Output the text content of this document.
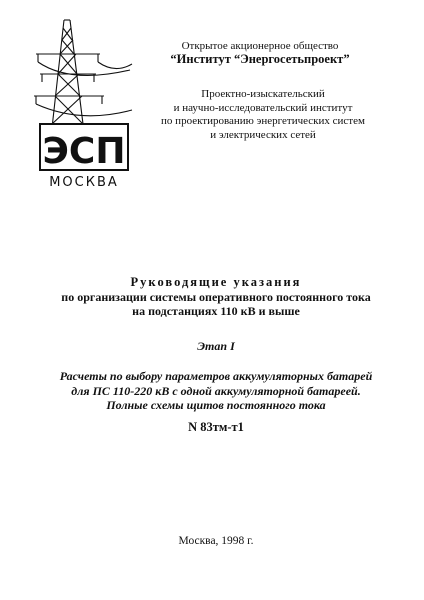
ЭСП
МОСКВА
Открытое акционерное общество
“Институт “Энергосетьпроект”
Проектно-изыскательский
и научно-исследовательский институт
по проектированию энергетических систем
и электрических сетей
Руководящие указания
по организации системы оперативного постоянного тока
на подстанциях 110 кВ и выше
Этап I
Расчеты по выбору параметров аккумуляторных батарей
для ПС 110-220 кВ с одной аккумуляторной батареей.
Полные схемы щитов постоянного тока
N 83тм-т1
Москва, 1998 г.
